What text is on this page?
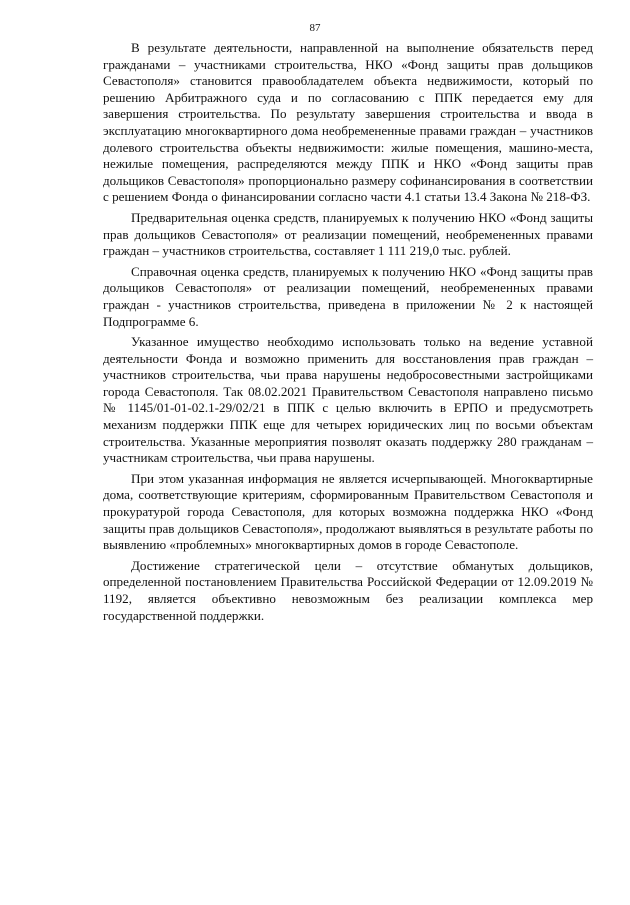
87

В результате деятельности, направленной на выполнение обязательств перед гражданами – участниками строительства, НКО «Фонд защиты прав дольщиков Севастополя» становится правообладателем объекта недвижимости, который по решению Арбитражного суда и по согласованию с ППК передается ему для завершения строительства. По результату завершения строительства и ввода в эксплуатацию многоквартирного дома необремененные правами граждан – участников долевого строительства объекты недвижимости: жилые помещения, машино-места, нежилые помещения, распределяются между ППК и НКО «Фонд защиты прав дольщиков Севастополя» пропорционально размеру софинансирования в соответствии с решением Фонда о финансировании согласно части 4.1 статьи 13.4 Закона № 218-ФЗ.

Предварительная оценка средств, планируемых к получению НКО «Фонд защиты прав дольщиков Севастополя» от реализации помещений, необремененных правами граждан – участников строительства, составляет 1 111 219,0 тыс. рублей.

Справочная оценка средств, планируемых к получению НКО «Фонд защиты прав дольщиков Севастополя» от реализации помещений, необремененных правами граждан - участников строительства, приведена в приложении № 2 к настоящей Подпрограмме 6.

Указанное имущество необходимо использовать только на ведение уставной деятельности Фонда и возможно применить для восстановления прав граждан – участников строительства, чьи права нарушены недобросовестными застройщиками города Севастополя. Так 08.02.2021 Правительством Севастополя направлено письмо № 1145/01-01-02.1-29/02/21 в ППК с целью включить в ЕРПО и предусмотреть механизм поддержки ППК еще для четырех юридических лиц по восьми объектам строительства. Указанные мероприятия позволят оказать поддержку 280 гражданам – участникам строительства, чьи права нарушены.

При этом указанная информация не является исчерпывающей. Многоквартирные дома, соответствующие критериям, сформированным Правительством Севастополя и прокуратурой города Севастополя, для которых возможна поддержка НКО «Фонд защиты прав дольщиков Севастополя», продолжают выявляться в результате работы по выявлению «проблемных» многоквартирных домов в городе Севастополе.

Достижение стратегической цели – отсутствие обманутых дольщиков, определенной постановлением Правительства Российской Федерации от 12.09.2019 № 1192, является объективно невозможным без реализации комплекса мер государственной поддержки.
